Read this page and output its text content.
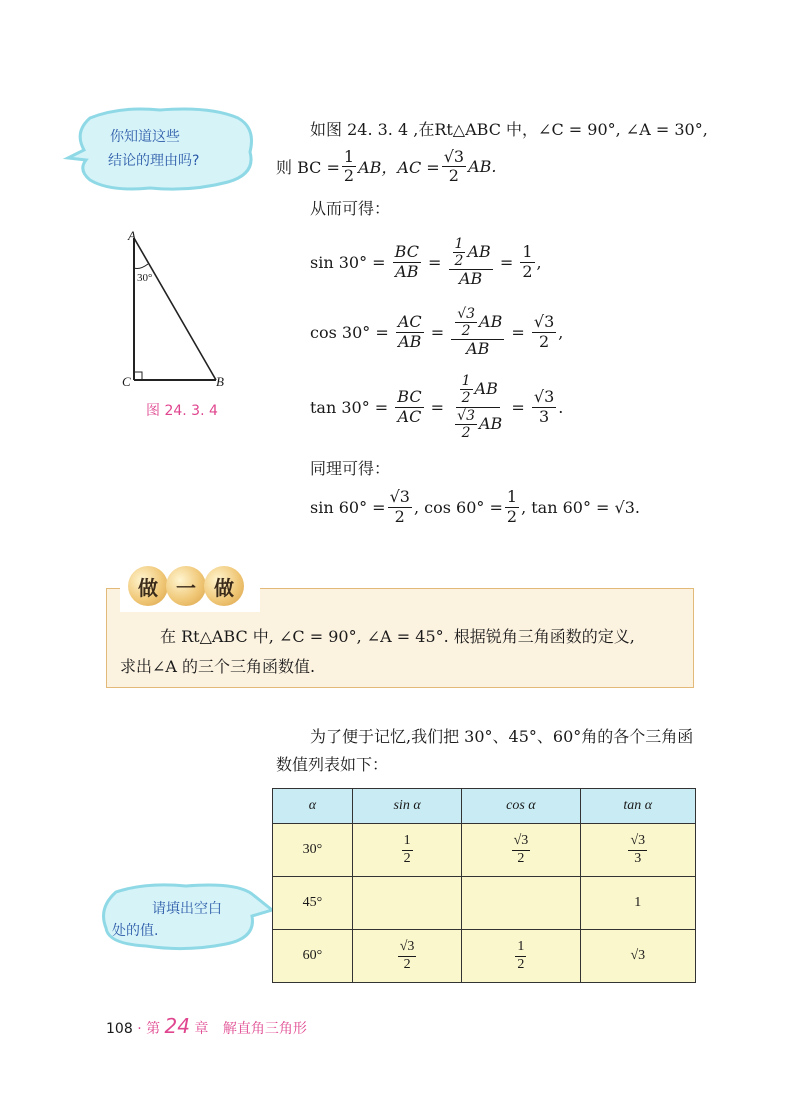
你知道这些
结论的理由吗?
A
B
C
30°
图 24. 3. 4
如图 24. 3. 4 ,在Rt△ABC 中，∠C = 90°, ∠A = 30°,
则 BC = $\frac{1}{2}$ AB，AC = $\frac{√3}{2}$ AB.
从而可得：
$\sin 30^\circ = \frac{BC}{AB} = \frac{\frac{1}{2} AB}{AB} = \frac{1}{2}$ ,
$\cos 30^\circ = \frac{AC}{AB} = \frac{\frac{√3}{2} AB}{AB} = \frac{√3}{2}$ ,
$\tan 30^\circ = \frac{BC}{AC} = \frac{\frac{1}{2} AB}{\frac{√3}{2} AB} = \frac{√3}{3}$ .
同理可得：
$\sin 60^\circ = \frac{√3}{2}$ , $\cos 60^\circ = \frac{1}{2}$ , tan 60° = √3 .
做 一 做
在 Rt△ABC 中, ∠C = 90°, ∠A = 45°. 根据锐角三角函数的定义,
求出∠A 的三个三角函数值.
为了便于记忆,我们把 30°、45°、60°角的各个三角函
数值列表如下：
请填出空白
处的值.
α	sin α	cos α	tan α
30°	$\frac{1}{2}$	$\frac{√3}{2}$	$\frac{√3}{3}$

45°			1
60°	$\frac{√3}{2}$	$\frac{1}{2}$	√3
108 · 第 24 章 解直角三角形
